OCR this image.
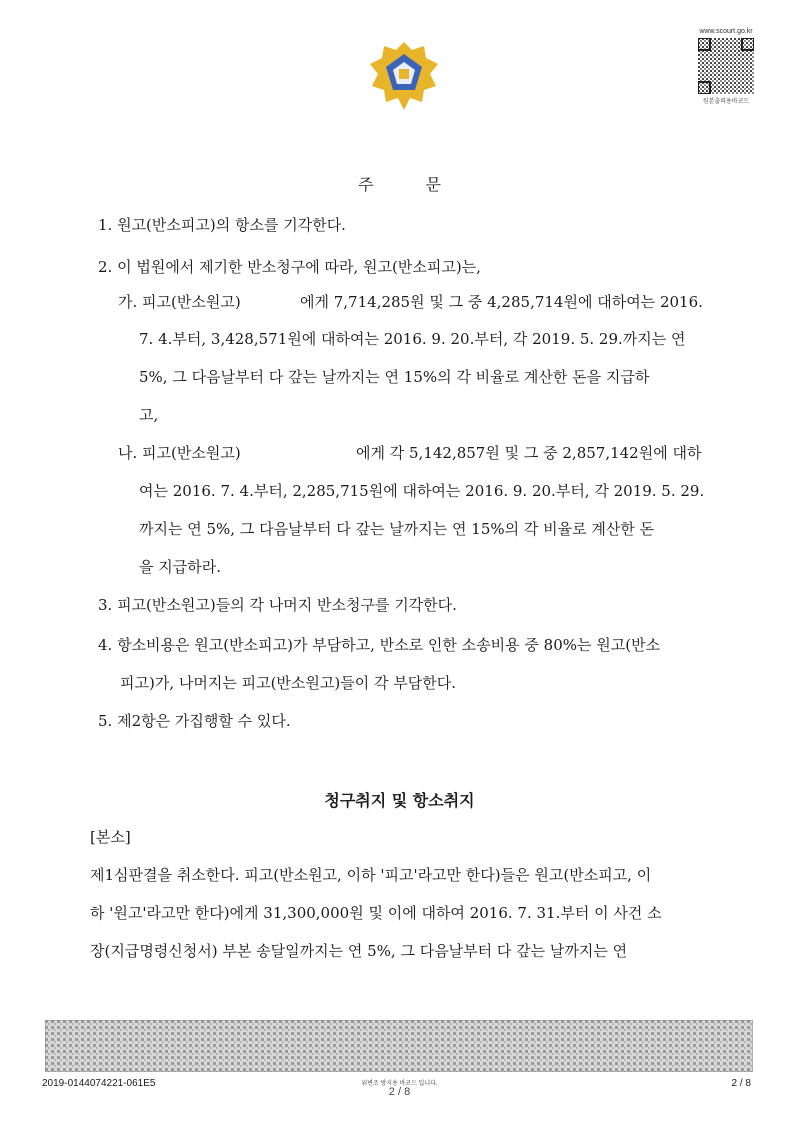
www.scourt.go.kr
원본출력용바코드
주	문
1. 원고(반소피고)의 항소를 기각한다.
2. 이 법원에서 제기한 반소청구에 따라, 원고(반소피고)는,
가. 피고(반소원고)	에게 7,714,285원 및 그 중 4,285,714원에 대하여는 2016.
7. 4.부터, 3,428,571원에 대하여는 2016. 9. 20.부터, 각 2019. 5. 29.까지는 연
5%, 그 다음날부터 다 갚는 날까지는 연 15%의 각 비율로 계산한 돈을 지급하
고,
나. 피고(반소원고)	에게 각 5,142,857원 및 그 중 2,857,142원에 대하
여는 2016. 7. 4.부터, 2,285,715원에 대하여는 2016. 9. 20.부터, 각 2019. 5. 29.
까지는 연 5%, 그 다음날부터 다 갚는 날까지는 연 15%의 각 비율로 계산한 돈
을 지급하라.
3. 피고(반소원고)들의 각 나머지 반소청구를 기각한다.
4. 항소비용은 원고(반소피고)가 부담하고, 반소로 인한 소송비용 중 80%는 원고(반소
피고)가, 나머지는 피고(반소원고)들이 각 부담한다.
5. 제2항은 가집행할 수 있다.
청구취지 및 항소취지
[본소]
제1심판결을 취소한다. 피고(반소원고, 이하 '피고'라고만 한다)들은 원고(반소피고, 이
하 '원고'라고만 한다)에게 31,300,000원 및 이에 대하여 2016. 7. 31.부터 이 사건 소
장(지급명령신청서) 부본 송달일까지는 연 5%, 그 다음날부터 다 갚는 날까지는 연
2019-0144074221-061E5	위변조 방지용 바코드 입니다.
2 / 8
2 / 8
